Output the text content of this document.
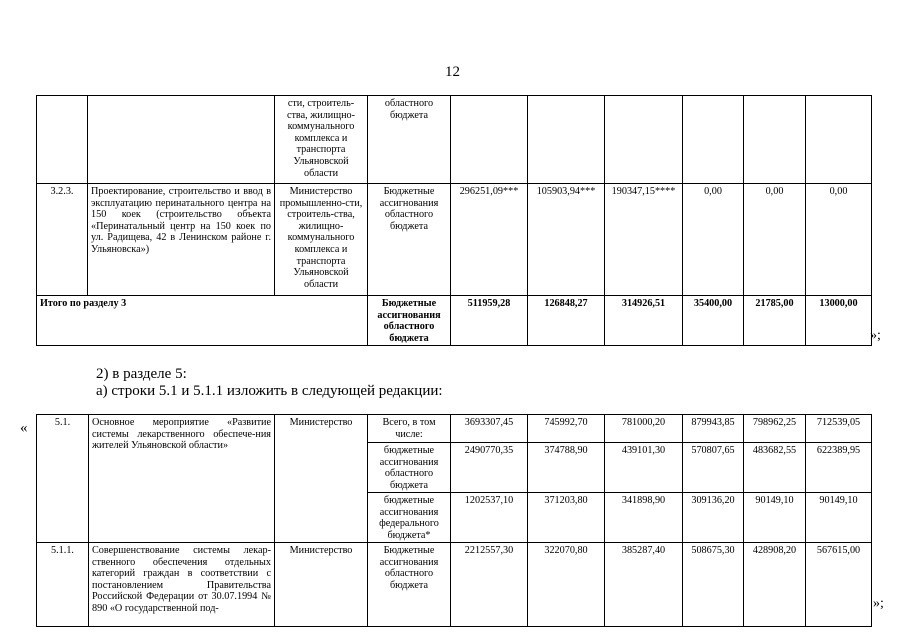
12
		сти, строитель-ства, жилищно-коммунального комплекса и транспорта Ульяновской области	областного бюджета						
3.2.3.	Проектирование, строительство и ввод в эксплуатацию перинатального центра на 150 коек (строительство объекта «Перинатальный центр на 150 коек по ул. Радищева, 42 в Ленинском районе г. Ульяновска»)	Министерство промышленно-сти, строитель-ства, жилищно-коммунального комплекса и транспорта Ульяновской области	Бюджетные ассигнования областного бюджета	296251,09***	105903,94***	190347,15****	0,00	0,00	0,00
Итого по разделу 3			Бюджетные ассигнования областного бюджета	511959,28	126848,27	314926,51	35400,00	21785,00	13000,00
»;
2) в разделе 5:
а) строки 5.1 и 5.1.1 изложить в следующей редакции:
«	5.1.	Основное мероприятие «Развитие системы лекарственного обеспече-ния жителей Ульяновской области»	Министерство	Всего, в том числе:	3693307,45	745992,70	781000,20	879943,85	798962,25	712539,05
			бюджетные ассигнования областного бюджета	2490770,35	374788,90	439101,30	570807,65	483682,55	622389,95
			бюджетные ассигнования федерального бюджета*	1202537,10	371203,80	341898,90	309136,20	90149,10	90149,10
5.1.1.	Совершенствование системы лекар-ственного обеспечения отдельных категорий граждан в соответствии с постановлением Правительства Российской Федерации от 30.07.1994 № 890 «О государственной под-	Министерство	Бюджетные ассигнования областного бюджета	2212557,30	322070,80	385287,40	508675,30	428908,20	567615,00
»;
